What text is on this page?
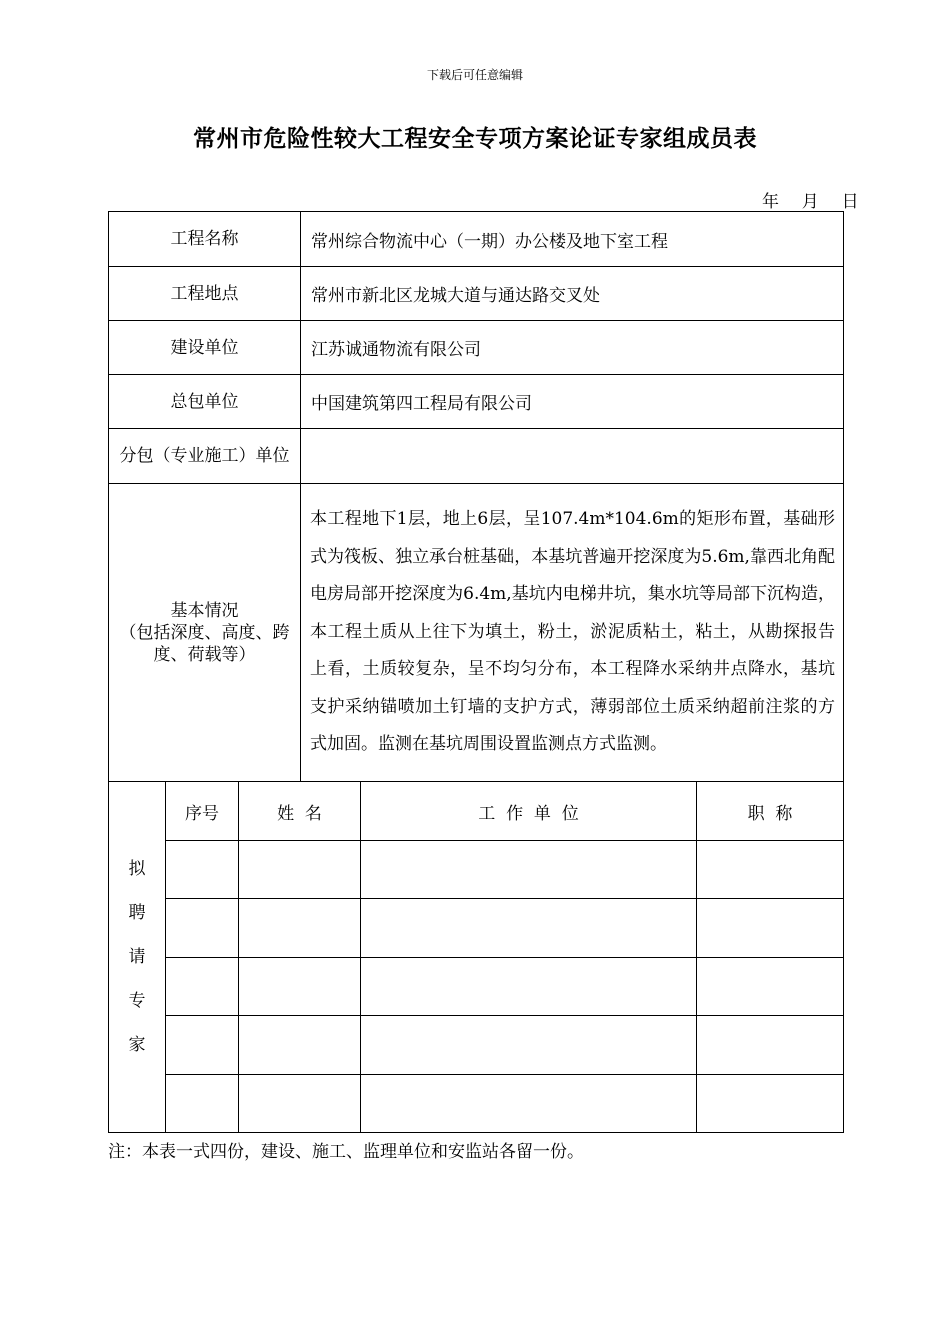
下载后可任意编辑
常州市危险性较大工程安全专项方案论证专家组成员表
年  月  日
工程名称			常州综合物流中心（一期）办公楼及地下室工程		
工程地点			常州市新北区龙城大道与通达路交叉处		
建设单位			江苏诚通物流有限公司		
总包单位			中国建筑第四工程局有限公司		
分包（专业施工）单位					

基本情况
（包括深度、高度、跨度、荷载等）			本工程地下1层，地上6层，呈107.4m*104.6m的矩形布置，基础形式为筏板、独立承台桩基础，本基坑普遍开挖深度为5.6m,靠西北角配电房局部开挖深度为6.4m,基坑内电梯井坑，集水坑等局部下沉构造，本工程土质从上往下为填土，粉土，淤泥质粘土，粘土，从勘探报告上看，土质较复杂，呈不均匀分布，本工程降水采纳井点降水，基坑支护采纳锚喷加土钉墙的支护方式，薄弱部位土质采纳超前注浆的方式加固。监测在基坑周围设置监测点方式监测。		

拟
聘
请
专
家	序号	姓  名		工  作  单  位	职  称

注：本表一式四份，建设、施工、监理单位和安监站各留一份。
